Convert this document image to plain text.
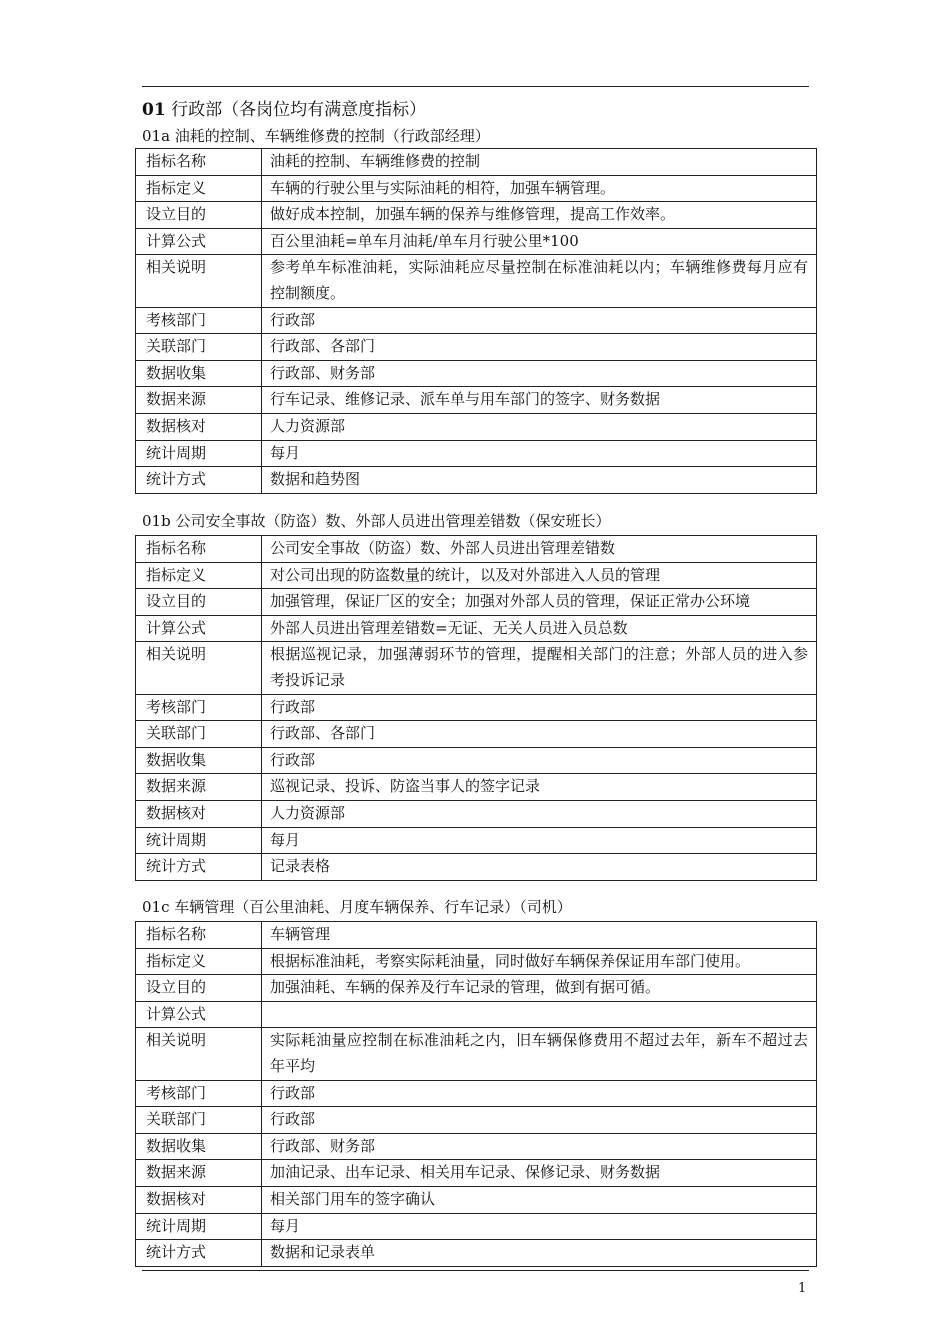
01 行政部（各岗位均有满意度指标）
01a 油耗的控制、车辆维修费的控制（行政部经理）
指标名称	油耗的控制、车辆维修费的控制
指标定义	车辆的行驶公里与实际油耗的相符，加强车辆管理。
设立目的	做好成本控制，加强车辆的保养与维修管理，提高工作效率。
计算公式	百公里油耗=单车月油耗/单车月行驶公里*100
相关说明	参考单车标准油耗，实际油耗应尽量控制在标准油耗以内；车辆维修费每月应有控制额度。
考核部门	行政部
关联部门	行政部、各部门
数据收集	行政部、财务部
数据来源	行车记录、维修记录、派车单与用车部门的签字、财务数据
数据核对	人力资源部
统计周期	每月
统计方式	数据和趋势图
01b 公司安全事故（防盗）数、外部人员进出管理差错数（保安班长）
指标名称	公司安全事故（防盗）数、外部人员进出管理差错数
指标定义	对公司出现的防盗数量的统计，以及对外部进入人员的管理
设立目的	加强管理，保证厂区的安全；加强对外部人员的管理，保证正常办公环境
计算公式	外部人员进出管理差错数=无证、无关人员进入员总数
相关说明	根据巡视记录，加强薄弱环节的管理，提醒相关部门的注意；外部人员的进入参考投诉记录
考核部门	行政部
关联部门	行政部、各部门
数据收集	行政部
数据来源	巡视记录、投诉、防盗当事人的签字记录
数据核对	人力资源部
统计周期	每月
统计方式	记录表格
01c 车辆管理（百公里油耗、月度车辆保养、行车记录）（司机）
指标名称	车辆管理
指标定义	根据标准油耗，考察实际耗油量，同时做好车辆保养保证用车部门使用。
设立目的	加强油耗、车辆的保养及行车记录的管理，做到有据可循。
计算公式	
相关说明	实际耗油量应控制在标准油耗之内，旧车辆保修费用不超过去年，新车不超过去年平均
考核部门	行政部
关联部门	行政部
数据收集	行政部、财务部
数据来源	加油记录、出车记录、相关用车记录、保修记录、财务数据
数据核对	相关部门用车的签字确认
统计周期	每月
统计方式	数据和记录表单
1
